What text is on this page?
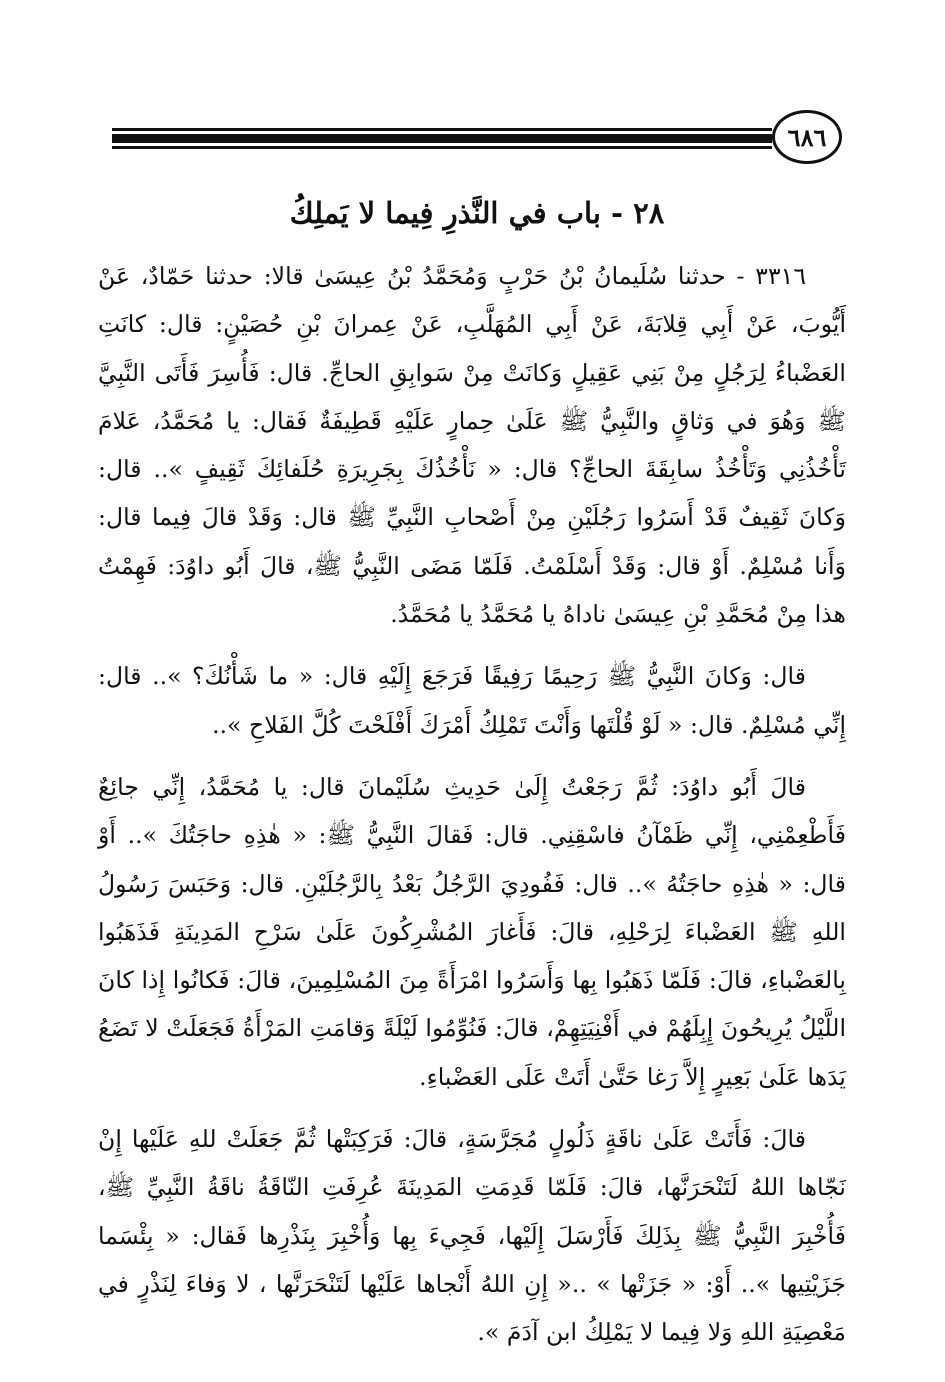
٦٨٦
٢٨ - باب في النَّذرِ فِيما لا يَملِكُ

٣٣١٦ - حدثنا سُلَيمانُ بْنُ حَرْبٍ وَمُحَمَّدُ بْنُ عِيسَىٰ قالا: حدثنا حَمّادٌ، عَنْ أَيُّوبَ، عَنْ أَبِي قِلابَةَ، عَنْ أَبِي المُهَلَّبِ، عَنْ عِمرانَ بْنِ حُصَيْنٍ: قال: كانَتِ العَضْباءُ لِرَجُلٍ مِنْ بَنِي عَقِيلٍ وَكانَتْ مِنْ سَوابِقِ الحاجِّ. قال: فَأُسِرَ فَأَتَى النَّبِيَّ ﷺ وَهُوَ في وَثاقٍ والنَّبِيُّ ﷺ عَلَىٰ حِمارٍ عَلَيْهِ قَطِيفَةٌ فَقال: يا مُحَمَّدُ، عَلامَ تَأْخُذُنِي وَتَأْخُذُ سابِقَةَ الحاجِّ؟ قال: « نَأْخُذُكَ بِجَرِيرَةِ حُلَفائِكَ ثَقِيفٍ ».. قال: وَكانَ ثَقِيفٌ قَدْ أَسَرُوا رَجُلَيْنِ مِنْ أَصْحابِ النَّبِيِّ ﷺ قال: وَقَدْ قالَ فِيما قال: وَأَنا مُسْلِمٌ. أَوْ قال: وَقَدْ أَسْلَمْتُ. فَلَمّا مَضَى النَّبِيُّ ﷺ، قالَ أَبُو داوُدَ: فَهِمْتُ هذا مِنْ مُحَمَّدِ بْنِ عِيسَىٰ ناداهُ يا مُحَمَّدُ يا مُحَمَّدُ.

قال: وَكانَ النَّبِيُّ ﷺ رَحِيمًا رَفِيقًا فَرَجَعَ إِلَيْهِ قال: « ما شَأْنُكَ؟ ».. قال: إِنِّي مُسْلِمٌ. قال: « لَوْ قُلْتَها وَأَنْتَ تَمْلِكُ أَمْرَكَ أَفْلَحْتَ كُلَّ الفَلاحِ »..

قالَ أَبُو داوُدَ: ثُمَّ رَجَعْتُ إِلَىٰ حَدِيثِ سُلَيْمانَ قال: يا مُحَمَّدُ، إِنِّي جائِعٌ فَأَطْعِمْنِي، إِنِّي ظَمْآنُ فاسْقِنِي. قال: فَقالَ النَّبِيُّ ﷺ: « هٰذِهِ حاجَتُكَ ».. أَوْ قال: « هٰذِهِ حاجَتُهُ ».. قال: فَفُودِيَ الرَّجُلُ بَعْدُ بِالرَّجُلَيْنِ. قال: وَحَبَسَ رَسُولُ اللهِ ﷺ العَضْباءَ لِرَحْلِهِ، قالَ: فَأَغارَ المُشْرِكُونَ عَلَىٰ سَرْحِ المَدِينَةِ فَذَهَبُوا بِالعَضْباءِ، قالَ: فَلَمّا ذَهَبُوا بِها وَأَسَرُوا امْرَأَةً مِنَ المُسْلِمِينَ، قالَ: فَكانُوا إِذا كانَ اللَّيْلُ يُرِيحُونَ إِبِلَهُمْ في أَفْنِيَتِهِمْ، قالَ: فَنُوِّمُوا لَيْلَةً وَقامَتِ المَرْأَةُ فَجَعَلَتْ لا تَضَعُ يَدَها عَلَىٰ بَعِيرٍ إِلاَّ رَغا حَتَّىٰ أَتَتْ عَلَى العَضْباءِ.

قالَ: فَأَتَتْ عَلَىٰ ناقَةٍ ذَلُولٍ مُجَرَّسَةٍ، قالَ: فَرَكِبَتْها ثُمَّ جَعَلَتْ للهِ عَلَيْها إِنْ نَجّاها اللهُ لَتَنْحَرَنَّها، قالَ: فَلَمّا قَدِمَتِ المَدِينَةَ عُرِفَتِ النّاقَةُ ناقَةُ النَّبِيِّ ﷺ، فَأُخْبِرَ النَّبِيُّ ﷺ بِذَلِكَ فَأَرْسَلَ إِلَيْها، فَجِيءَ بِها وَأُخْبِرَ بِنَذْرِها فَقال: « بِئْسَما جَزَيْتِيها ».. أَوْ: « جَزَتْها » ..« إِنِ اللهُ أَنْجاها عَلَيْها لَتَنْحَرَنَّها ، لا وَفاءَ لِنَذْرٍ في مَعْصِيَةِ اللهِ وَلا فِيما لا يَمْلِكُ ابن آدَمَ ».
